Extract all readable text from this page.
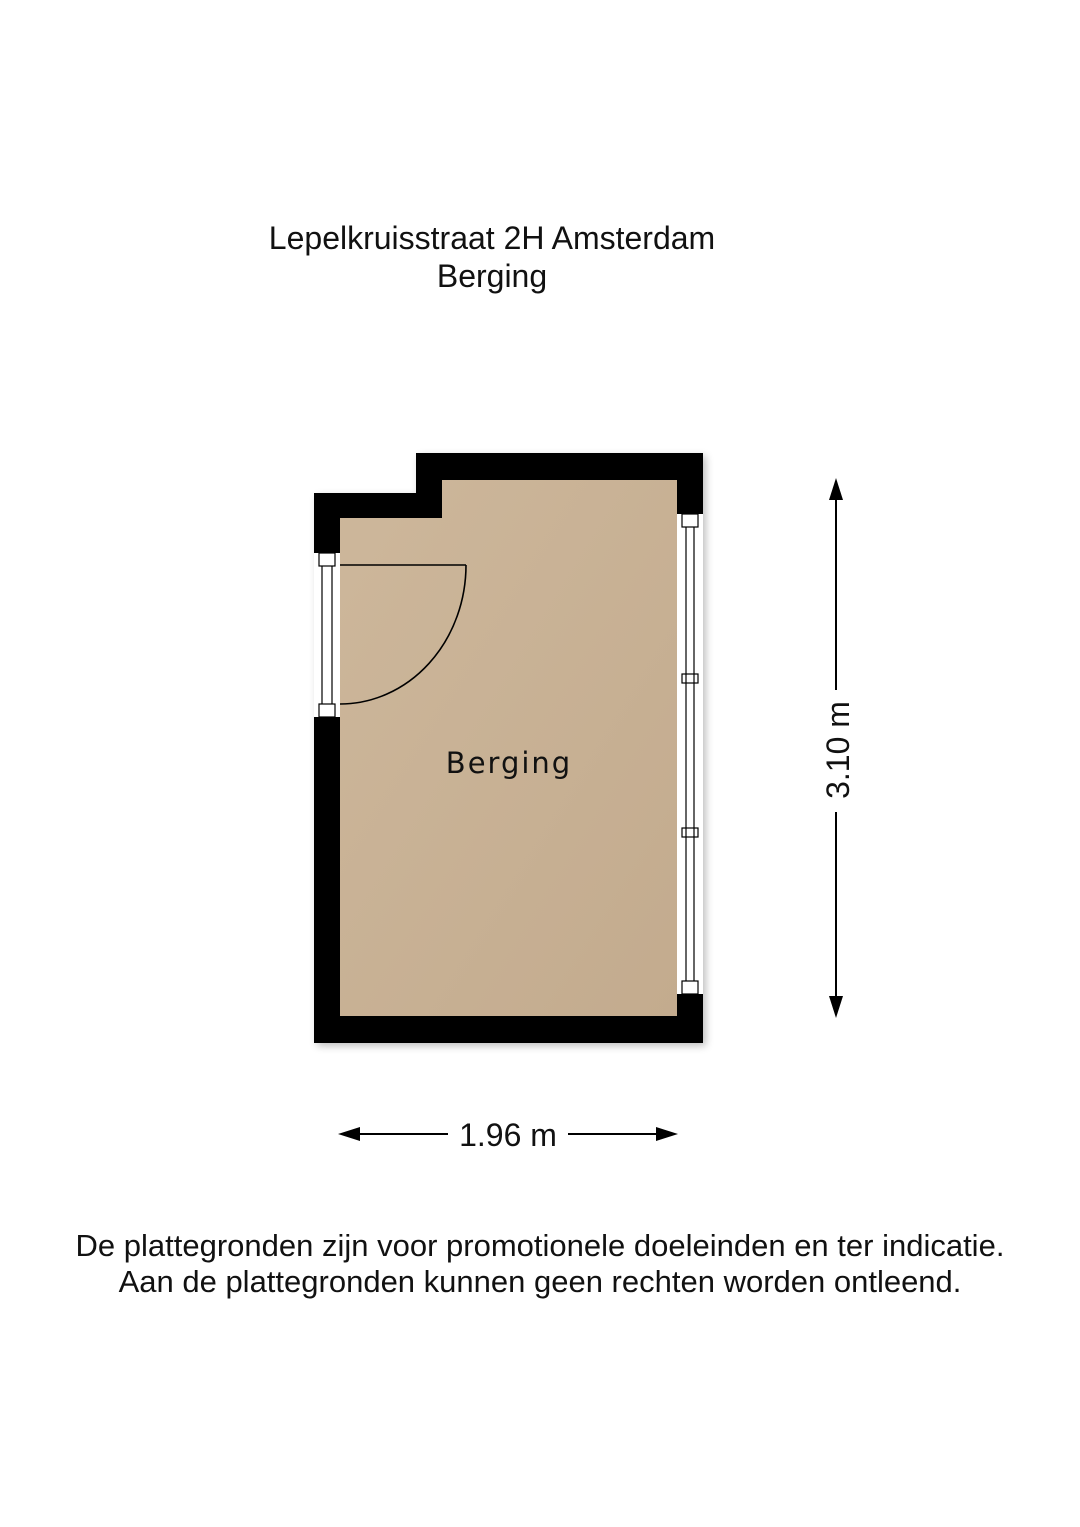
Lepelkruisstraat 2H Amsterdam
Berging
Berging	3.10 m
1.96 m
De plattegronden zijn voor promotionele doeleinden en ter indicatie.
Aan de plattegronden kunnen geen rechten worden ontleend.
